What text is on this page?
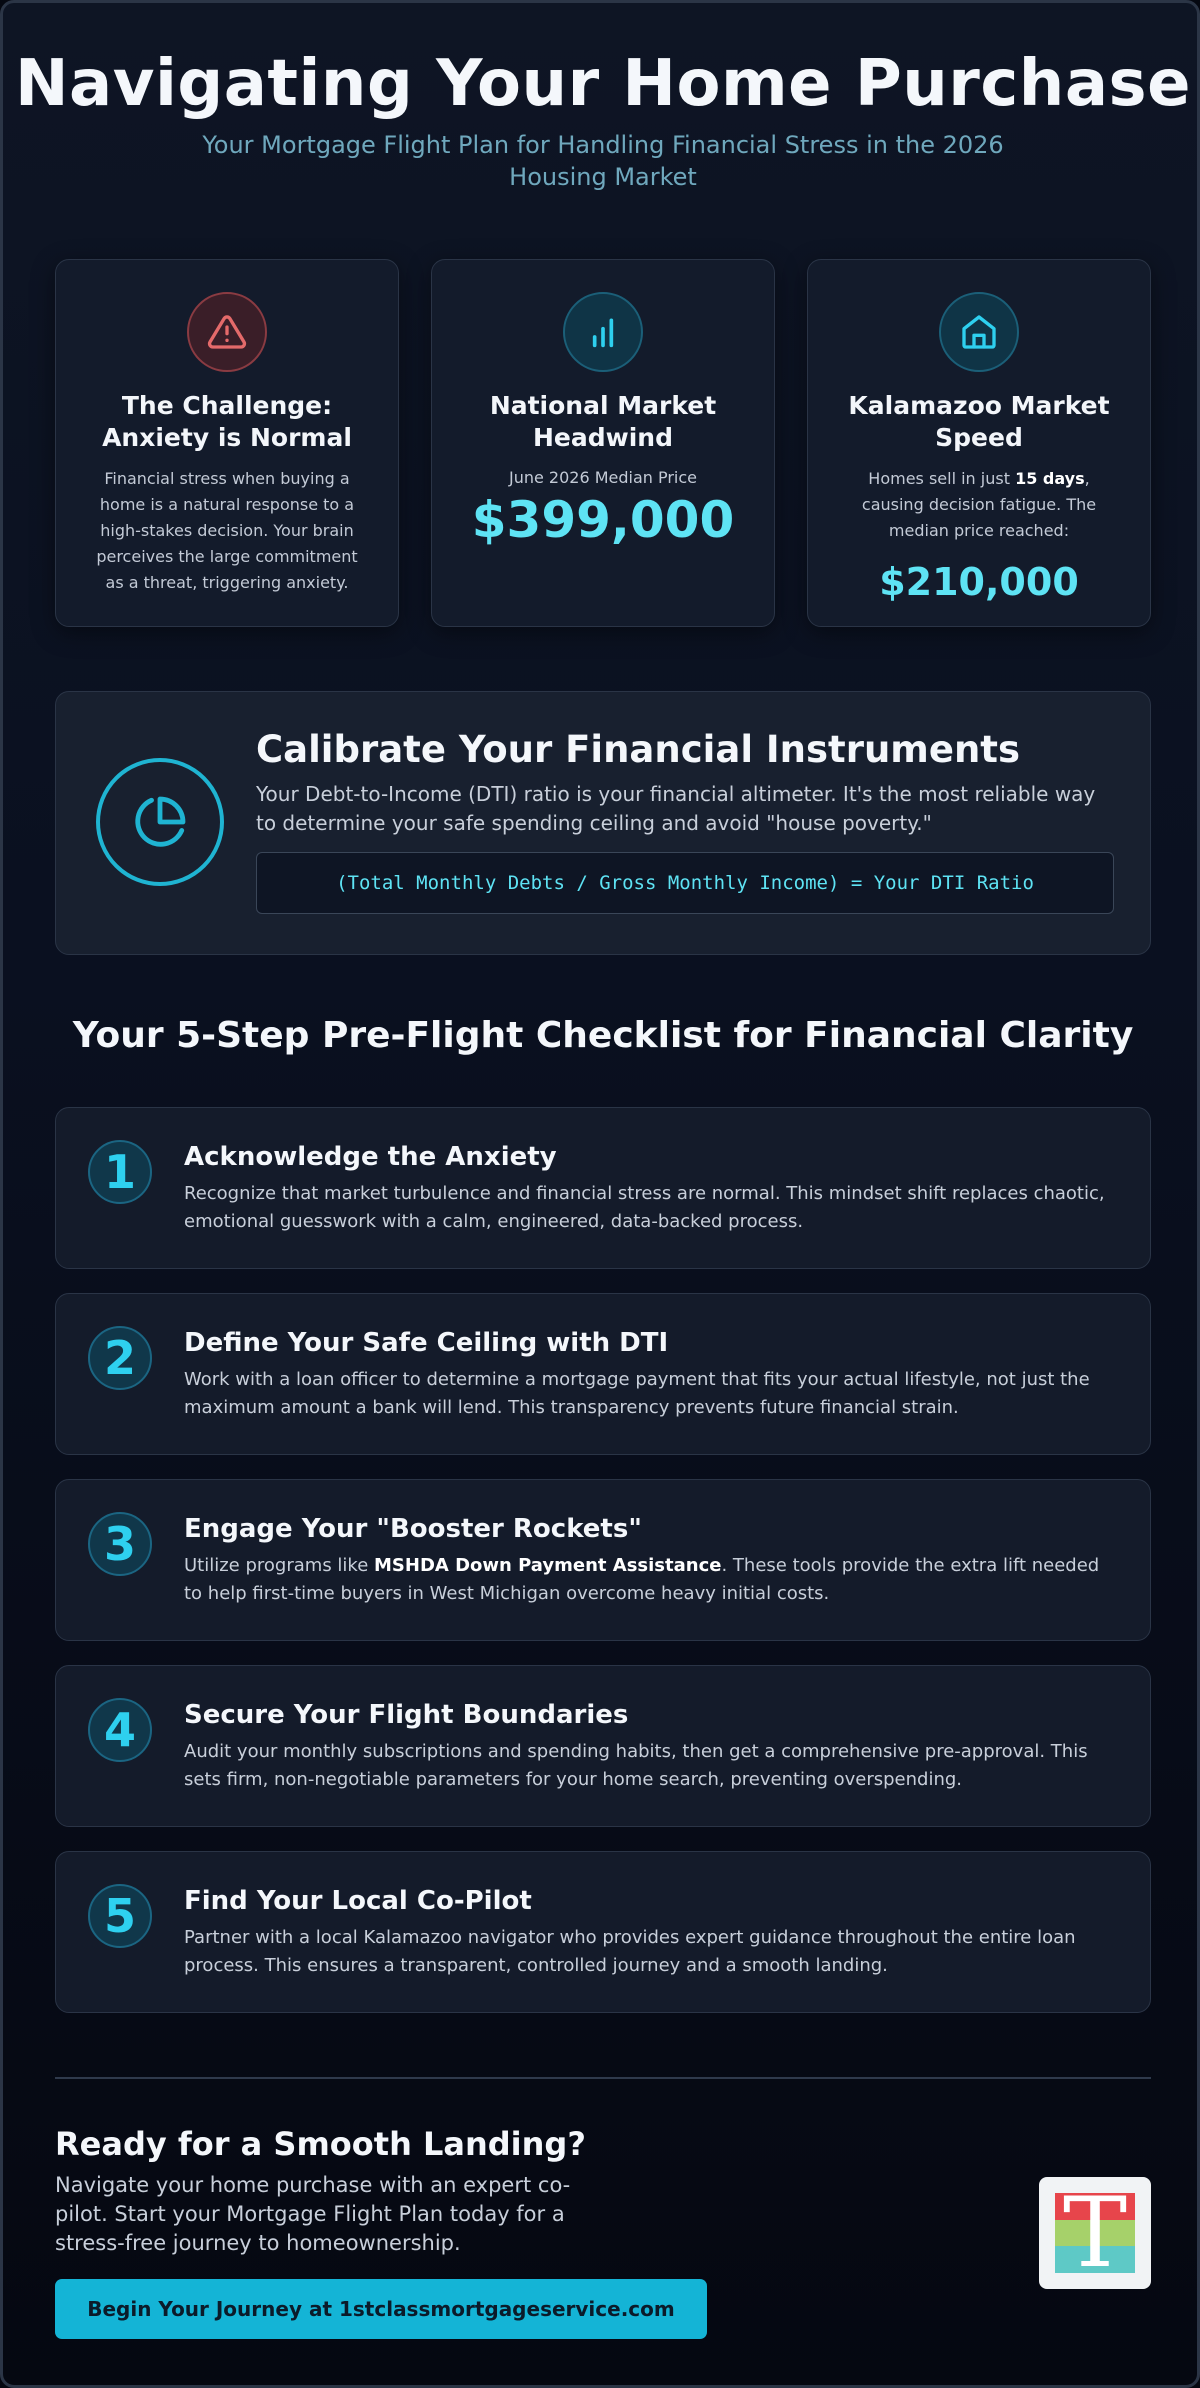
Navigating Your Home Purchase
Your Mortgage Flight Plan for Handling Financial Stress in the 2026 Housing Market
The Challenge: Anxiety is Normal

Financial stress when buying a home is a natural response to a high-stakes decision. Your brain perceives the large commitment as a threat, triggering anxiety.

National Market Headwind
June 2026 Median Price
$399,000
Kalamazoo Market Speed

Homes sell in just 15 days, causing decision fatigue. The median price reached:

$210,000
Calibrate Your Financial Instruments

Your Debt-to-Income (DTI) ratio is your financial altimeter. It's the most reliable way to determine your safe spending ceiling and avoid "house poverty."

(Total Monthly Debts / Gross Monthly Income) = Your DTI Ratio
Your 5-Step Pre-Flight Checklist for Financial Clarity
1	Acknowledge the Anxiety

Recognize that market turbulence and financial stress are normal. This mindset shift replaces chaotic, emotional guesswork with a calm, engineered, data-backed process.

2	Define Your Safe Ceiling with DTI

Work with a loan officer to determine a mortgage payment that fits your actual lifestyle, not just the maximum amount a bank will lend. This transparency prevents future financial strain.

3	Engage Your "Booster Rockets"

Utilize programs like MSHDA Down Payment Assistance. These tools provide the extra lift needed to help first-time buyers in West Michigan overcome heavy initial costs.

4	Secure Your Flight Boundaries

Audit your monthly subscriptions and spending habits, then get a comprehensive pre-approval. This sets firm, non-negotiable parameters for your home search, preventing overspending.

5	Find Your Local Co-Pilot

Partner with a local Kalamazoo navigator who provides expert guidance throughout the entire loan process. This ensures a transparent, controlled journey and a smooth landing.

Ready for a Smooth Landing?

Navigate your home purchase with an expert co-pilot. Start your Mortgage Flight Plan today for a stress-free journey to homeownership.

Begin Your Journey at 1stclassmortgageservice.com
T
